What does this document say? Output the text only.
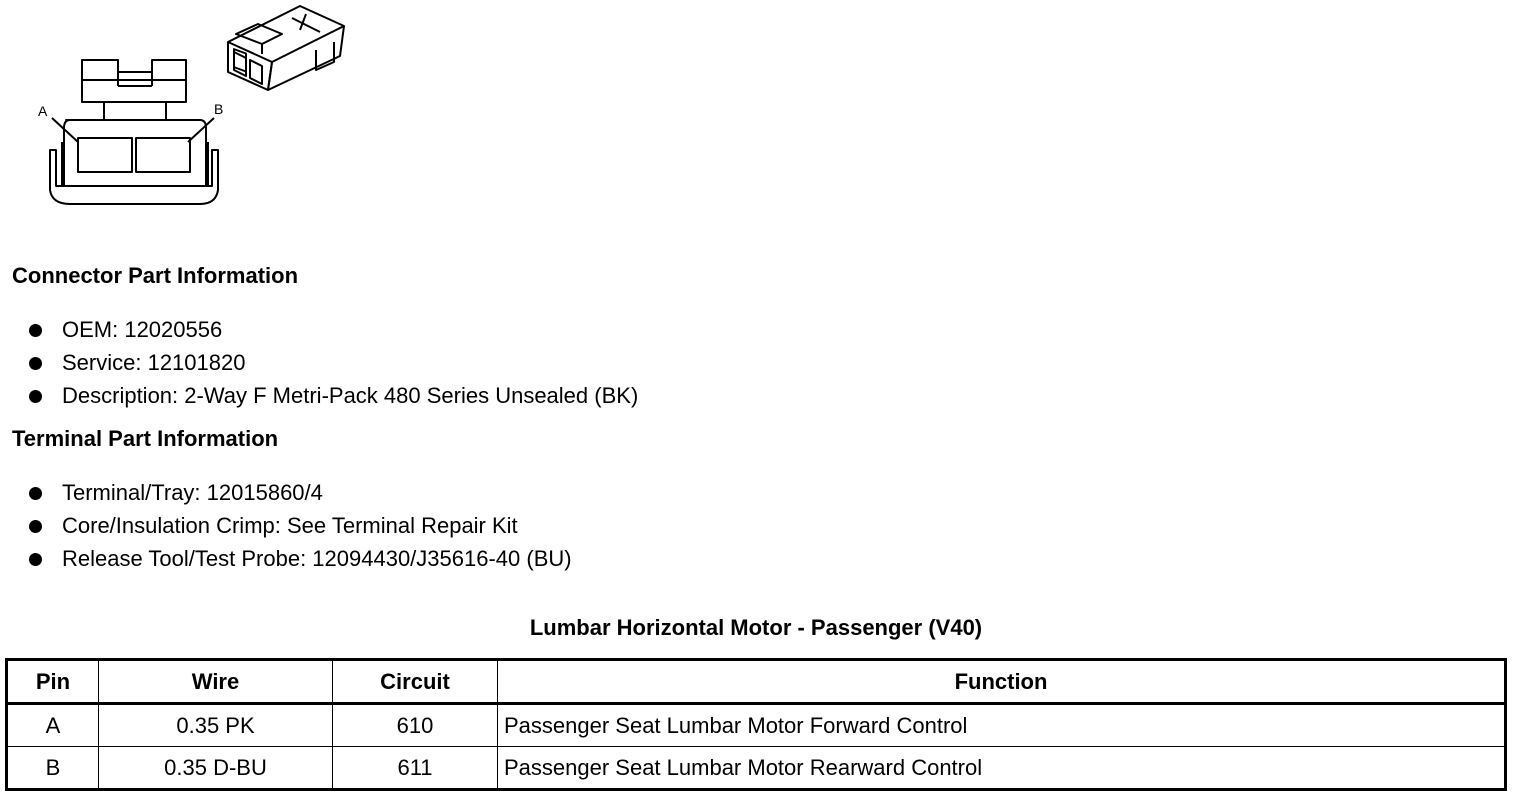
A	B
Connector Part Information
OEM: 12020556
Service: 12101820
Description: 2-Way F Metri-Pack 480 Series Unsealed (BK)
Terminal Part Information
Terminal/Tray: 12015860/4
Core/Insulation Crimp: See Terminal Repair Kit
Release Tool/Test Probe: 12094430/J35616-40 (BU)
Lumbar Horizontal Motor - Passenger (V40)
Pin	Wire	Circuit	Function
A	0.35 PK	610	Passenger Seat Lumbar Motor Forward Control
B	0.35 D-BU	611	Passenger Seat Lumbar Motor Rearward Control
